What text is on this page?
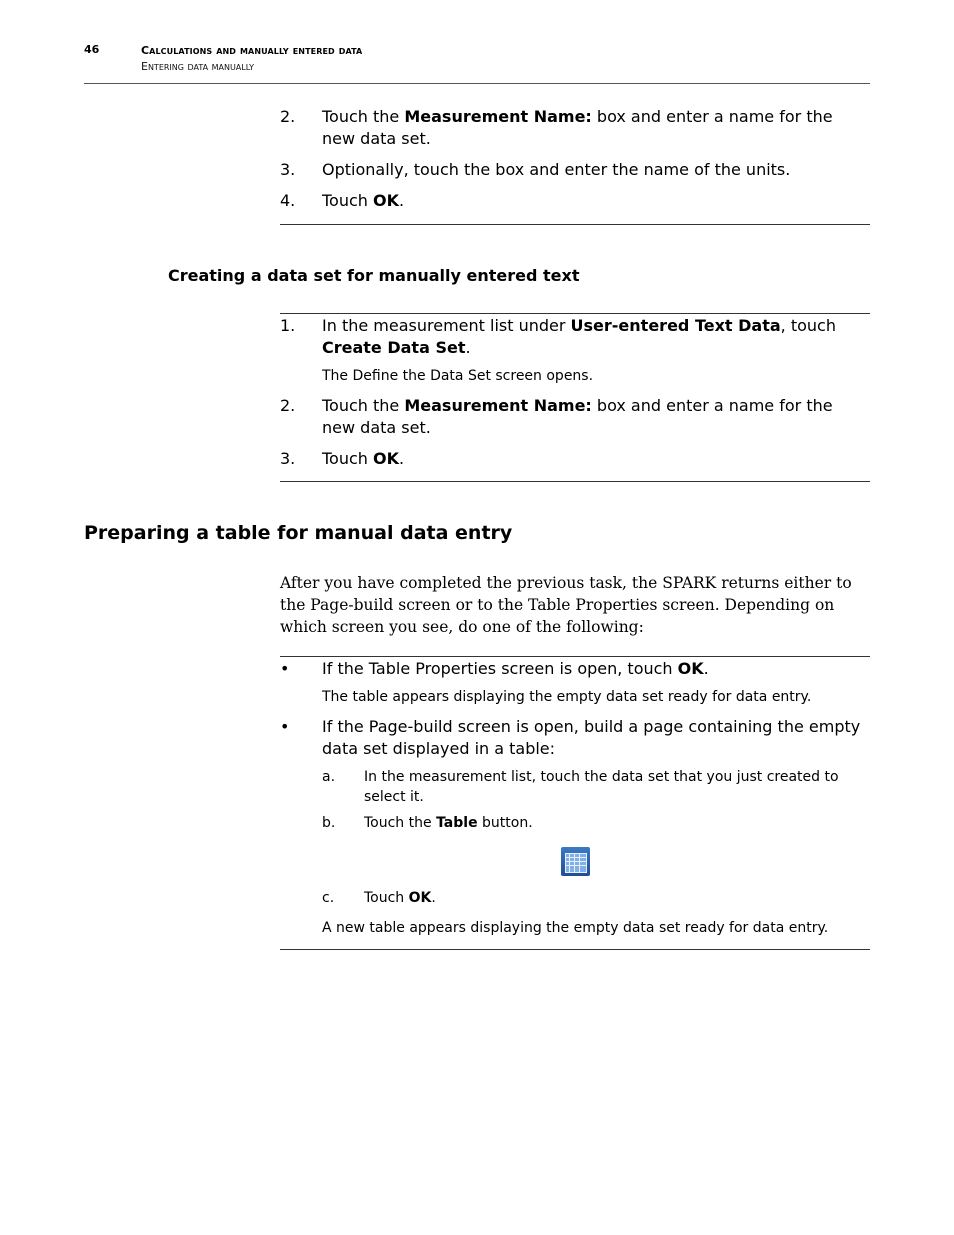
46	Calculations and manually entered data
Entering data manually
2. Touch the Measurement Name: box and enter a name for the new data set.
3. Optionally, touch the box and enter the name of the units.
4. Touch OK.
Creating a data set for manually entered text
1. In the measurement list under User-entered Text Data, touch Create Data Set.
The Define the Data Set screen opens.
2. Touch the Measurement Name: box and enter a name for the new data set.
3. Touch OK.
Preparing a table for manual data entry
After you have completed the previous task, the SPARK returns either to the Page-build screen or to the Table Properties screen. Depending on which screen you see, do one of the following:
• If the Table Properties screen is open, touch OK.
The table appears displaying the empty data set ready for data entry.
• If the Page-build screen is open, build a page containing the empty data set displayed in a table:
a. In the measurement list, touch the data set that you just created to select it.
b. Touch the Table button.
c. Touch OK.
A new table appears displaying the empty data set ready for data entry.
